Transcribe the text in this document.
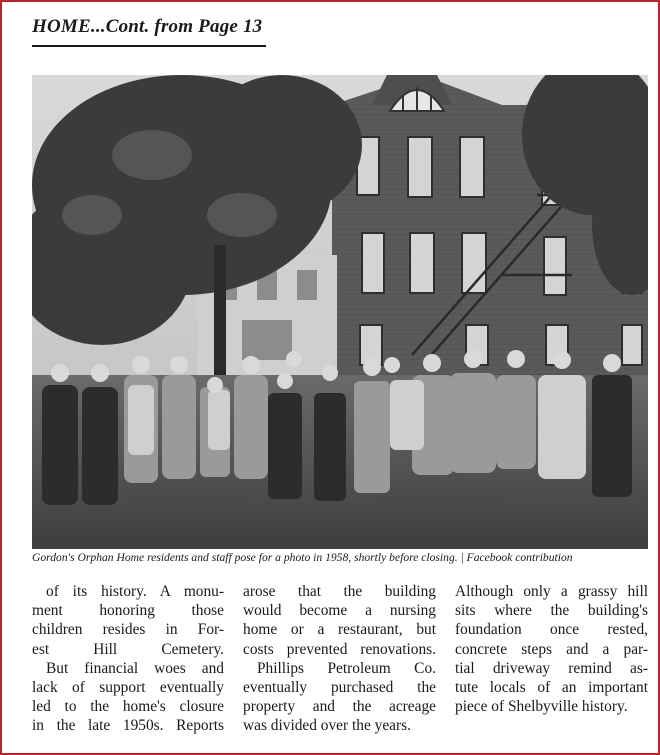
HOME...Cont. from Page 13
Gordon's Orphan Home residents and staff pose for a photo in 1958, shortly before closing. | Facebook contribution
of its history. A monu-
ment honoring those
children resides in For-
est Hill Cemetery.
But financial woes and
lack of support eventually
led to the home's closure
in the late 1950s. Reports
arose that the building
would become a nursing
home or a restaurant, but
costs prevented renovations.
Phillips Petroleum Co.
eventually purchased the
property and the acreage
was divided over the years.
Although only a grassy hill
sits where the building's
foundation once rested,
concrete steps and a par-
tial driveway remind as-
tute locals of an important
piece of Shelbyville history.
